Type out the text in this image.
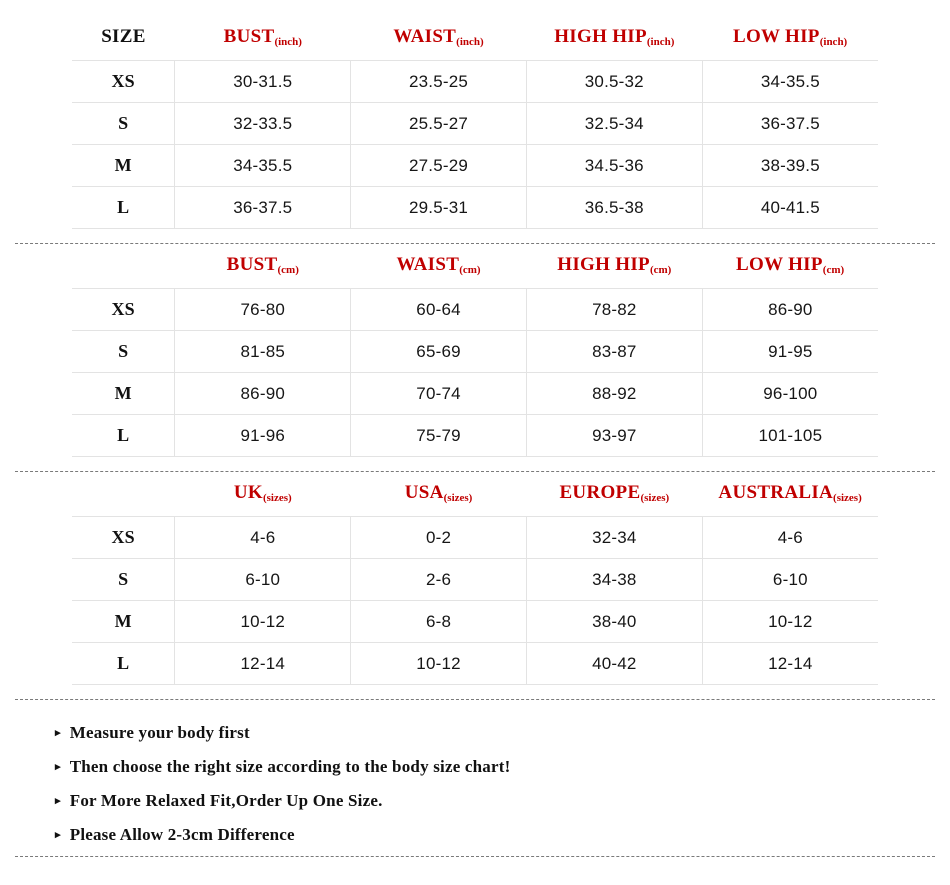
SIZE	BUST(inch)	WAIST(inch)	HIGH HIP(inch)	LOW HIP(inch)
XS	30-31.5	23.5-25	30.5-32	34-35.5
S	32-33.5	25.5-27	32.5-34	36-37.5
M	34-35.5	27.5-29	34.5-36	38-39.5
L	36-37.5	29.5-31	36.5-38	40-41.5
	BUST(cm)	WAIST(cm)	HIGH HIP(cm)	LOW HIP(cm)
XS	76-80	60-64	78-82	86-90
S	81-85	65-69	83-87	91-95
M	86-90	70-74	88-92	96-100
L	91-96	75-79	93-97	101-105
	UK(sizes)	USA(sizes)	EUROPE(sizes)	AUSTRALIA(sizes)
XS	4-6	0-2	32-34	4-6
S	6-10	2-6	34-38	6-10
M	10-12	6-8	38-40	10-12
L	12-14	10-12	40-42	12-14
▸ Measure your body first
▸ Then choose the right size according to the body size chart!
▸ For More Relaxed Fit,Order Up One Size.
▸ Please Allow 2-3cm Difference
